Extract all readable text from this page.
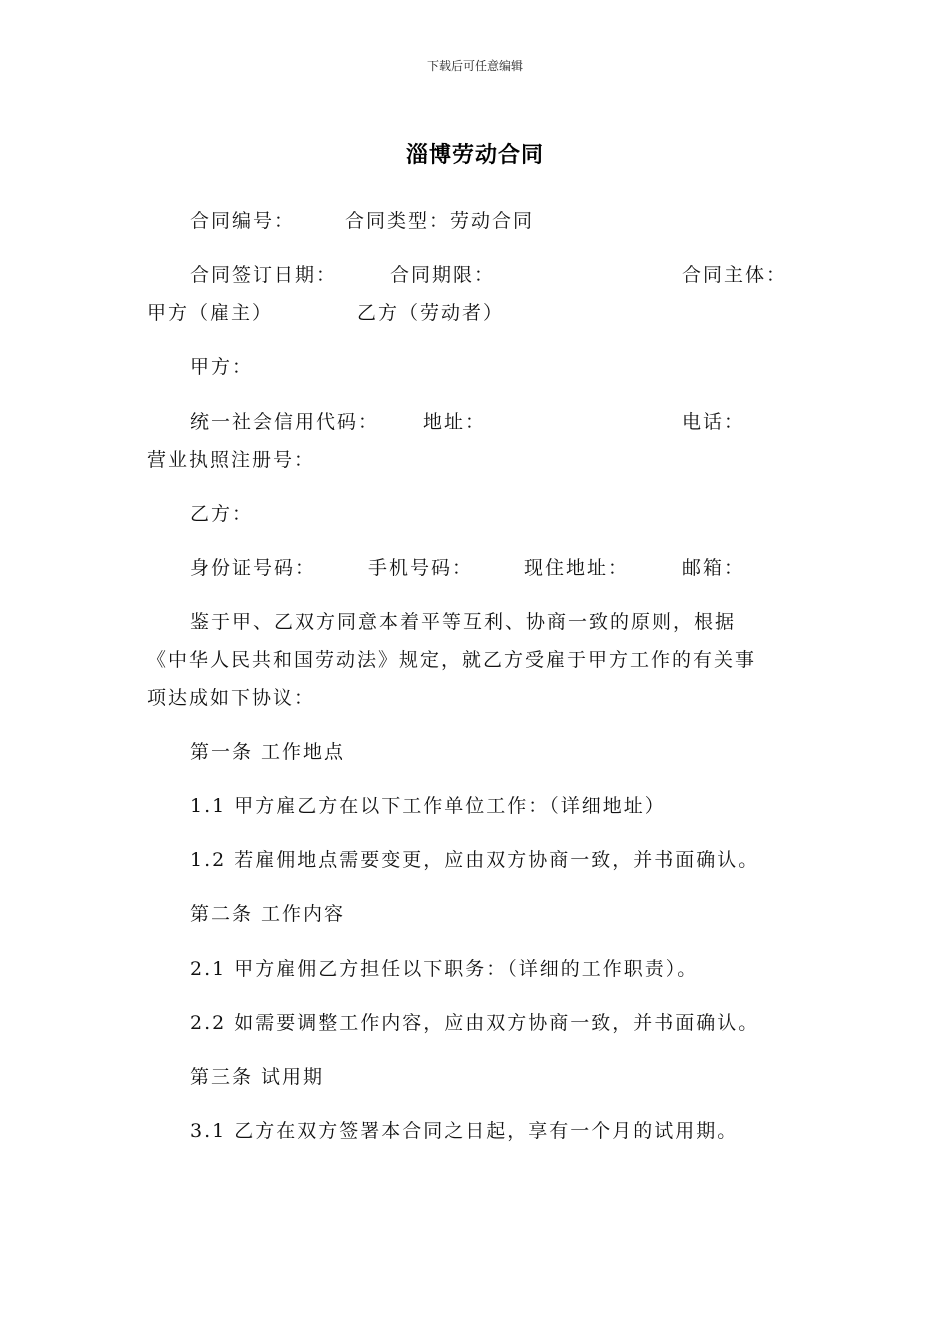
下载后可任意编辑
淄博劳动合同
合同编号：	合同类型：劳动合同
合同签订日期：	合同期限：	合同主体：
甲方（雇主）	乙方（劳动者）
甲方：
统一社会信用代码： 地址：	电话：
营业执照注册号：
乙方：
身份证号码：	手机号码：	现住地址：	邮箱：
鉴于甲、乙双方同意本着平等互利、协商一致的原则，根据
《中华人民共和国劳动法》规定，就乙方受雇于甲方工作的有关事
项达成如下协议：
第一条 工作地点
1.1 甲方雇乙方在以下工作单位工作：（详细地址）
1.2 若雇佣地点需要变更，应由双方协商一致，并书面确认。
第二条 工作内容
2.1 甲方雇佣乙方担任以下职务：（详细的工作职责）。
2.2 如需要调整工作内容，应由双方协商一致，并书面确认。
第三条 试用期
3.1 乙方在双方签署本合同之日起，享有一个月的试用期。
